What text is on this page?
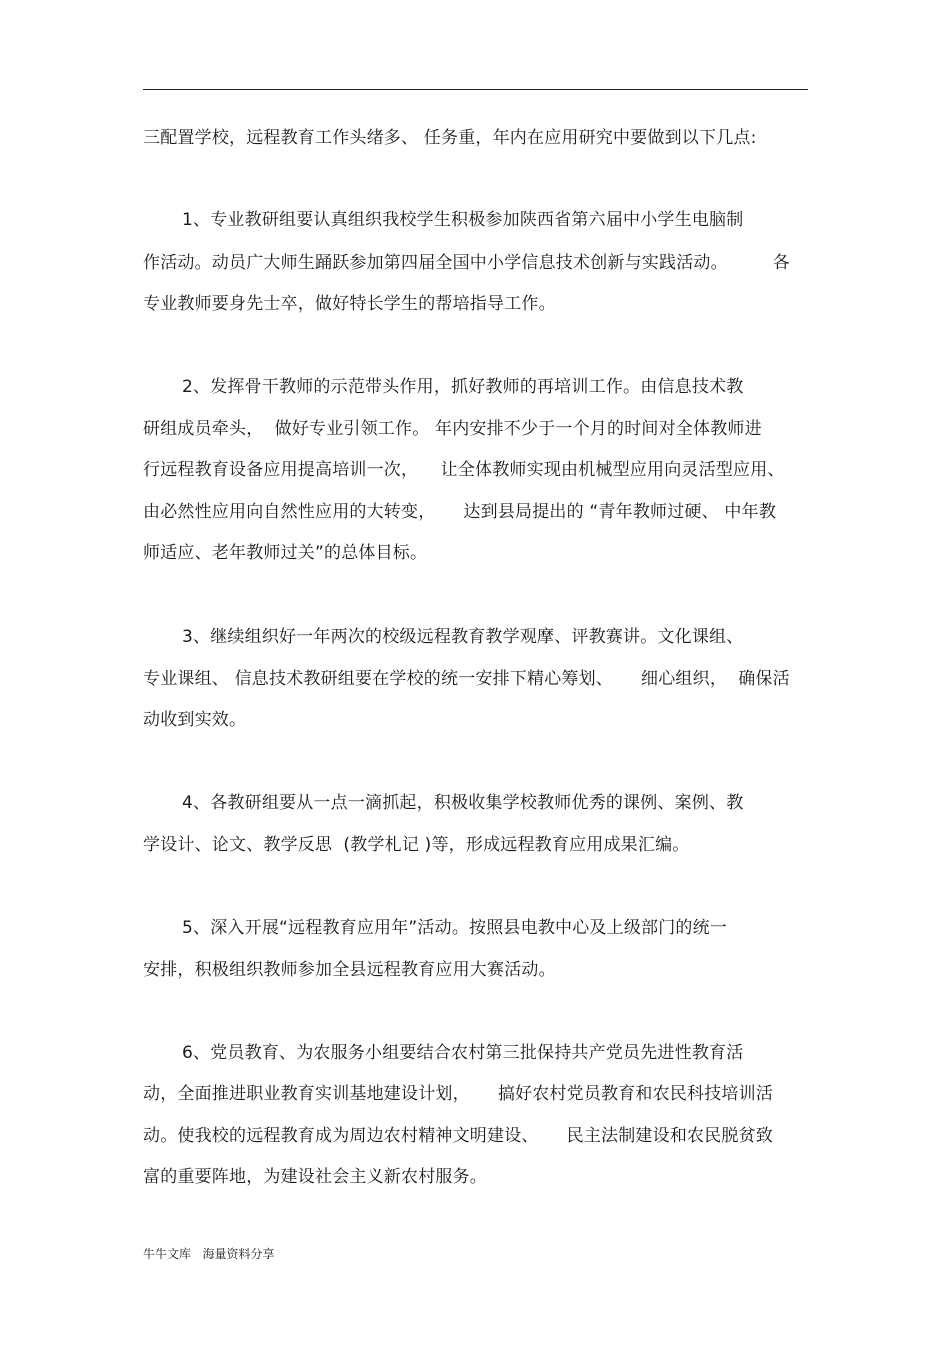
三配置学校，远程教育工作头绪多、 任务重，年内在应用研究中要做到以下几点:
1、专业教研组要认真组织我校学生积极参加陕西省第六届中小学生电脑制
作活动。动员广大师生踊跃参加第四届全国中小学信息技术创新与实践活动。        各
专业教师要身先士卒，做好特长学生的帮培指导工作。
2、发挥骨干教师的示范带头作用，抓好教师的再培训工作。由信息技术教
研组成员牵头，  做好专业引领工作。 年内安排不少于一个月的时间对全体教师进
行远程教育设备应用提高培训一次，    让全体教师实现由机械型应用向灵活型应用、
由必然性应用向自然性应用的大转变，     达到县局提出的 “青年教师过硬、 中年教
师适应、老年教师过关”的总体目标。
3、继续组织好一年两次的校级远程教育教学观摩、评教赛讲。文化课组、
专业课组、 信息技术教研组要在学校的统一安排下精心筹划、     细心组织，  确保活
动收到实效。
4、各教研组要从一点一滴抓起，积极收集学校教师优秀的课例、案例、教
学设计、论文、教学反思  (教学札记 )等，形成远程教育应用成果汇编。
5、深入开展“远程教育应用年”活动。按照县电教中心及上级部门的统一
安排，积极组织教师参加全县远程教育应用大赛活动。
6、党员教育、为农服务小组要结合农村第三批保持共产党员先进性教育活
动，全面推进职业教育实训基地建设计划，     搞好农村党员教育和农民科技培训活
动。使我校的远程教育成为周边农村精神文明建设、     民主法制建设和农民脱贫致
富的重要阵地，为建设社会主义新农村服务。
牛牛文库   海量资料分享
